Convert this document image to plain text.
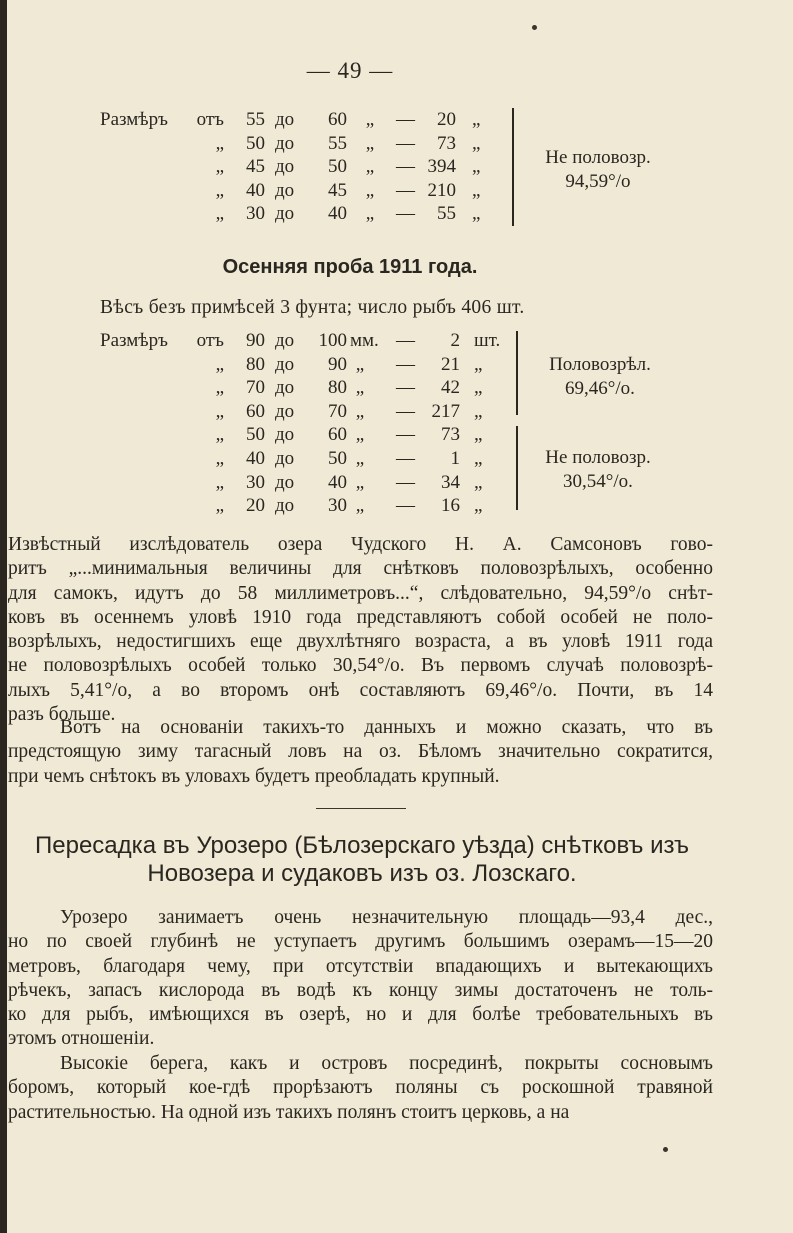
— 49 —
Размѣръ	отъ	55 до	60 „	—	20 „
„	50 до	55 „	—	73 „
„	45 до	50 „	— 394 „
„	40 до	45 „	— 210 „
„	30 до	40 „	—	55 „
Не половозр.
94,59°/o
Осенняя проба 1911 года.
Вѣсъ безъ примѣсей 3 фунта; число рыбъ 406 шт.
Размѣръ	отъ	90 до	100 мм. —	2 шт.
„	80 до	90 „	—	21 „
„	70 до	80 „	—	42 „
„	60 до	70 „	— 217 „
„	50 до	60 „	—	73 „
„	40 до	50 „	—	1 „
„	30 до	40 „	—	34 „
„	20 до	30 „	—	16 „
Половозрѣл.
69,46°/o.
Не половозр.
30,54°/o.
Извѣстный изслѣдователь озера Чудского Н. А. Самсоновъ гово-
ритъ „...минимальныя величины для снѣтковъ половозрѣлыхъ, особенно
для самокъ, идутъ до 58 миллиметровъ...“, слѣдовательно, 94,59°/o снѣт-
ковъ въ осеннемъ уловѣ 1910 года представляютъ собой особей не поло-
возрѣлыхъ, недостигшихъ еще двухлѣтняго возраста, а въ уловѣ 1911 года
не половозрѣлыхъ особей только 30,54°/o. Въ первомъ случаѣ половозрѣ-
лыхъ 5,41°/o, а во второмъ онѣ составляютъ 69,46°/o. Почти, въ 14
разъ больше.
Вотъ на основаніи такихъ-то данныхъ и можно сказать, что въ
предстоящую зиму тагасный ловъ на оз. Бѣломъ значительно сократится,
при чемъ снѣтокъ въ уловахъ будетъ преобладать крупный.
Пересадка въ Урозеро (Бѣлозерскаго уѣзда) снѣтковъ изъ
Новозера и судаковъ изъ оз. Лозскаго.
Урозеро занимаетъ очень незначительную площадь—93,4 дес.,
но по своей глубинѣ не уступаетъ другимъ большимъ озерамъ—15—20
метровъ, благодаря чему, при отсутствіи впадающихъ и вытекающихъ
рѣчекъ, запасъ кислорода въ водѣ къ концу зимы достаточенъ не толь-
ко для рыбъ, имѣющихся въ озерѣ, но и для болѣе требовательныхъ въ
этомъ отношеніи.
Высокіе берега, какъ и островъ посрединѣ, покрыты сосновымъ
боромъ, который кое-гдѣ прорѣзаютъ поляны съ роскошной травяной
растительностью. На одной изъ такихъ полянъ стоитъ церковь, а на
